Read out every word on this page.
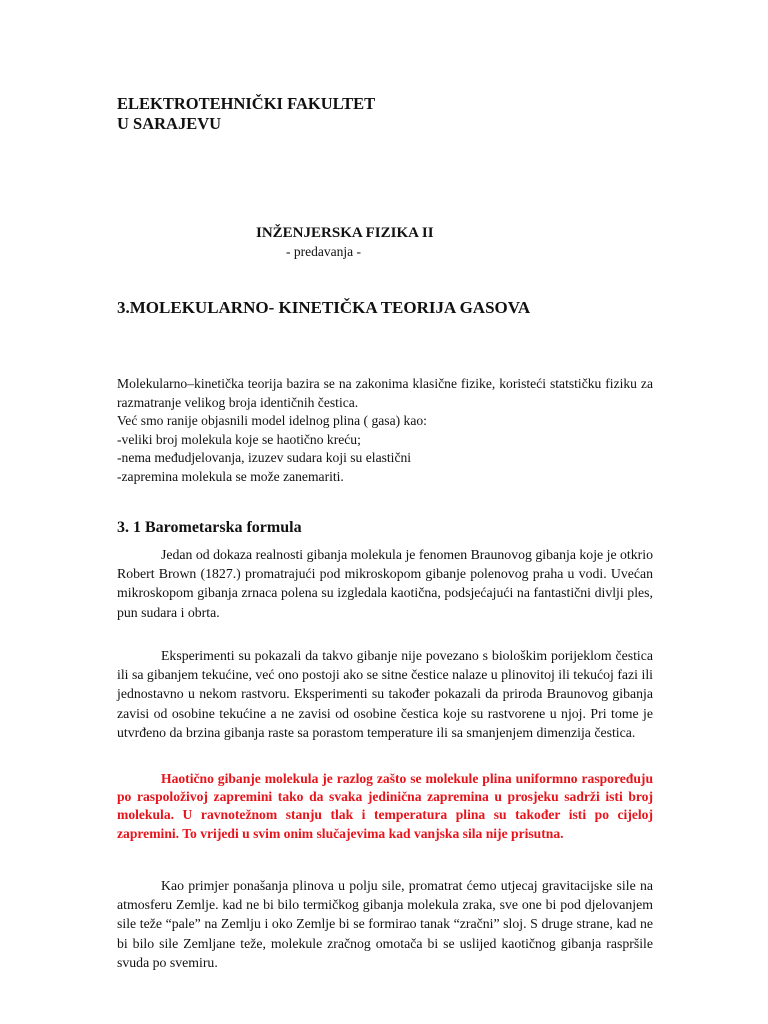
ELEKTROTEHNIČKI FAKULTET
U SARAJEVU
INŽENJERSKA FIZIKA II
- predavanja -
3.MOLEKULARNO- KINETIČKA TEORIJA GASOVA

Molekularno–kinetička teorija bazira se na zakonima klasične fizike, koristeći statstičku fiziku za razmatranje velikog broja identičnih čestica.

Već smo ranije objasnili model idelnog plina ( gasa) kao:

-veliki broj molekula koje se haotično kreću;

-nema međudjelovanja, izuzev sudara koji su elastični

-zapremina molekula se može zanemariti.

3. 1 Barometarska formula

Jedan od dokaza realnosti gibanja molekula je fenomen Braunovog gibanja koje je otkrio Robert Brown (1827.) promatrajući pod mikroskopom gibanje polenovog praha u vodi. Uvećan mikroskopom gibanja zrnaca polena su izgledala kaotična, podsjećajući na fantastični divlji ples, pun sudara i obrta.

Eksperimenti su pokazali da takvo gibanje nije povezano s biološkim porijeklom čestica ili sa gibanjem tekućine, već ono postoji ako se sitne čestice nalaze u plinovitoj ili tekućoj fazi ili jednostavno u nekom rastvoru. Eksperimenti su također pokazali da priroda Braunovog gibanja zavisi od osobine tekućine a ne zavisi od osobine čestica koje su rastvorene u njoj. Pri tome je utvrđeno da brzina gibanja raste sa porastom temperature ili sa smanjenjem dimenzija čestica.

Haotično gibanje molekula je razlog zašto se molekule plina uniformno raspoređuju po raspoloživoj zapremini tako da svaka jedinična zapremina u prosjeku sadrži isti broj molekula. U ravnotežnom stanju tlak i temperatura plina su također isti po cijeloj zapremini. To vrijedi u svim onim slučajevima kad vanjska sila nije prisutna.

Kao primjer ponašanja plinova u polju sile, promatrat ćemo utjecaj gravitacijske sile na atmosferu Zemlje. kad ne bi bilo termičkog gibanja molekula zraka, sve one bi pod djelovanjem sile teže “pale” na Zemlju i oko Zemlje bi se formirao tanak “zračni” sloj. S druge strane, kad ne bi bilo sile Zemljane teže, molekule zračnog omotača bi se uslijed kaotičnog gibanja raspršile svuda po svemiru.
